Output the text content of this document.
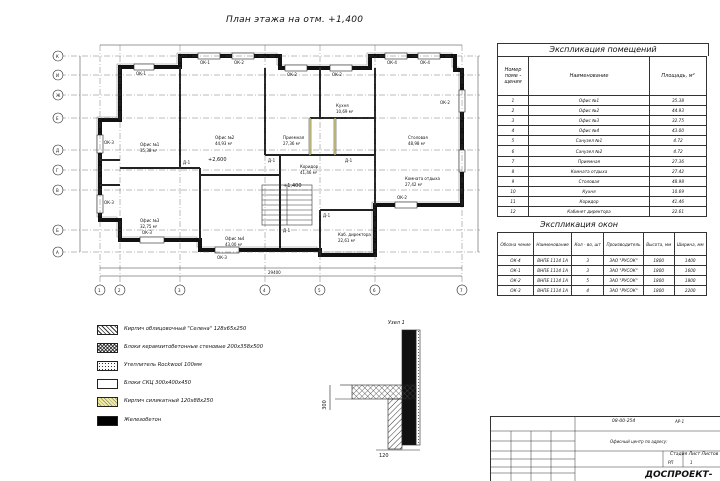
План этажа на отм. +1,400
1	2	3	4	5	6	7
К
И
Ж
Е
Д
Г
В
Б
А
Офис №1
35,38 м²
Офис №2
44,93 м²
Офис №3
32,75 м²
Офис №4
43,00 м²
Приемная
27,36 м²
Столовая
48,98 м²
Кухня
10,69 м²
Коридор
41,46 м²
Комната отдыха
27,42 м²
Каб. директора
22,61 м²
+2,600
+1,400
29400
ОК-1
ОК-1	ОК-2
ОК-2	ОК-2
ОК-4	ОК-4
ОК-2
ОК-3
ОК-3
ОК-3
ОК-3
ОК-2
Д-1	Д-1	Д-1
Д-1
Д-1
Экспликация помещений
Номер поме - щения	Наименование	Площадь, м²
1	Офис №1	35.38
2	Офис №2	44.93
3	Офис №3	32.75
4	Офис №4	43.00
5	Санузел №1	4.72
6	Санузел №2	4.72
7	Приемная	27.36
8	Комната отдыха	27.42
9	Столовая	48.98
10	Кухня	10.69
11	Коридор	41.46
12	Кабинет директора	22.61
Экспликация окон
Обозна чение	Наименование	Кол - во, шт	Производитель	Высота, мм	Ширина, мм
ОК-4	ВНПЕ 1114 1А	3	ЗАО "РУСОК"	1800	1400
ОК-1	ВНПЕ 1114 1А	3	ЗАО "РУСОК"	1800	1600
ОК-2	ВНПЕ 1114 1А	5	ЗАО "РУСОК"	1800	1800
ОК-3	ВНПЕ 1114 1А	4	ЗАО "РУСОК"	1800	2200
Кирпич облицовочный "Селена" 128х65х250
Блоки керамзитобетонные стеновые 200х358х500
Утеплитель Rockwool 100мм
Блоки СКЦ 300х400х450
Кирпич силикатный 120х88х250
Железобетон
Узел 1
300
120
08-00-254	АР-1
Офисный центр по адресу:
Стадия Лист Листов
РП	1
ДОСПРОЕКТ-
